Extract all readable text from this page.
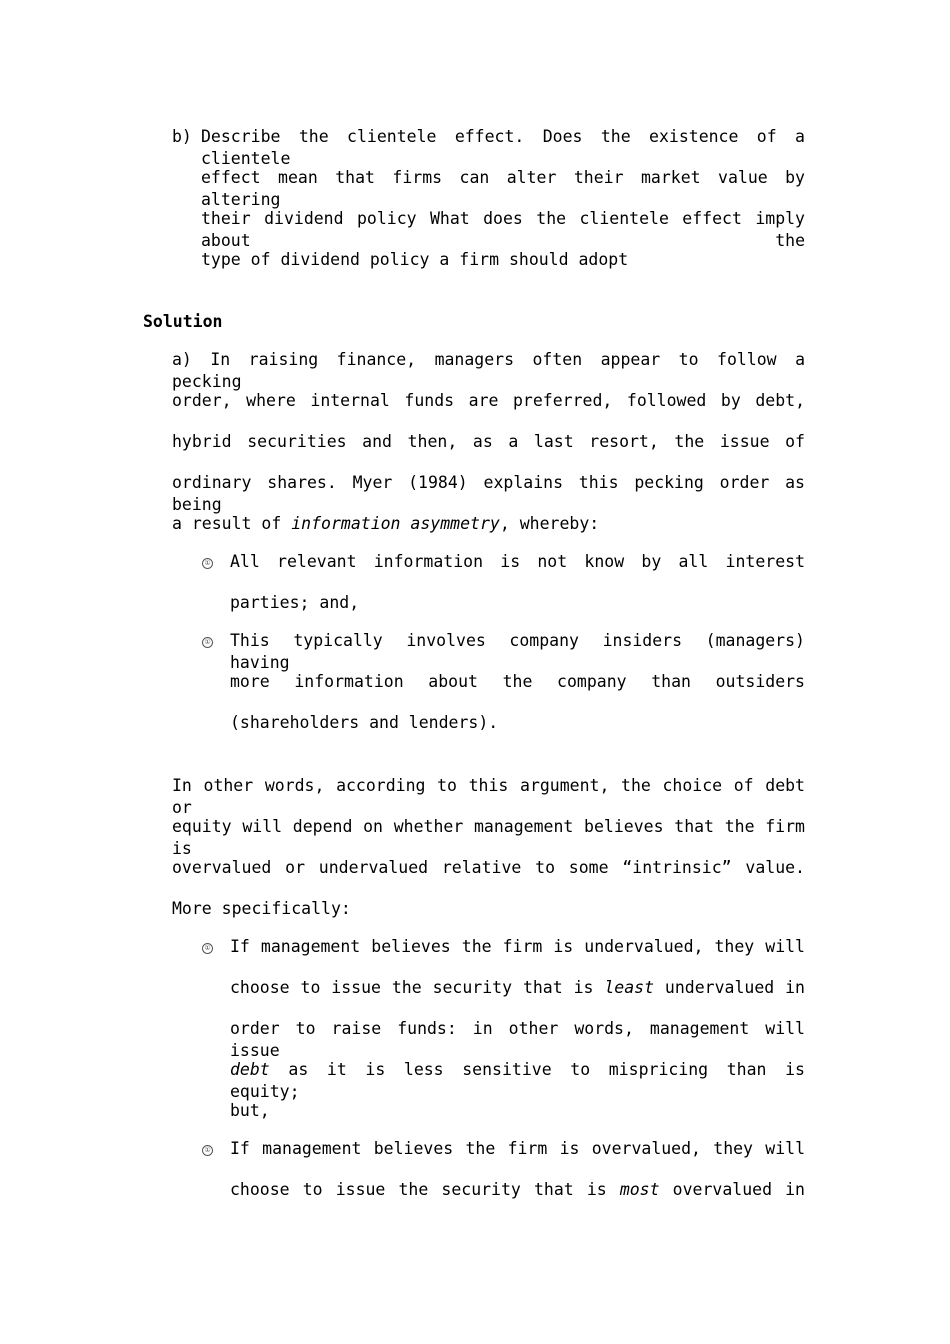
b) Describe the clientele effect. Does the existence of a clientele
effect mean that firms can alter their market value by altering
their dividend policy What does the clientele effect imply about the
type of dividend policy a firm should adopt
Solution
a) In raising finance, managers often appear to follow a pecking
order, where internal funds are preferred, followed by debt,
hybrid securities and then, as a last resort, the issue of
ordinary shares. Myer (1984) explains this pecking order as being
a result of information asymmetry, whereby:
① All relevant information is not know by all interest
parties; and,
① This typically involves company insiders (managers) having
more information about the company than outsiders
(shareholders and lenders).
In other words, according to this argument, the choice of debt or
equity will depend on whether management believes that the firm is
overvalued or undervalued relative to some “intrinsic” value.
More specifically:
① If management believes the firm is undervalued, they will
choose to issue the security that is least undervalued in
order to raise funds: in other words, management will issue
debt as it is less sensitive to mispricing than is equity;
but,
① If management believes the firm is overvalued, they will
choose to issue the security that is most overvalued in
